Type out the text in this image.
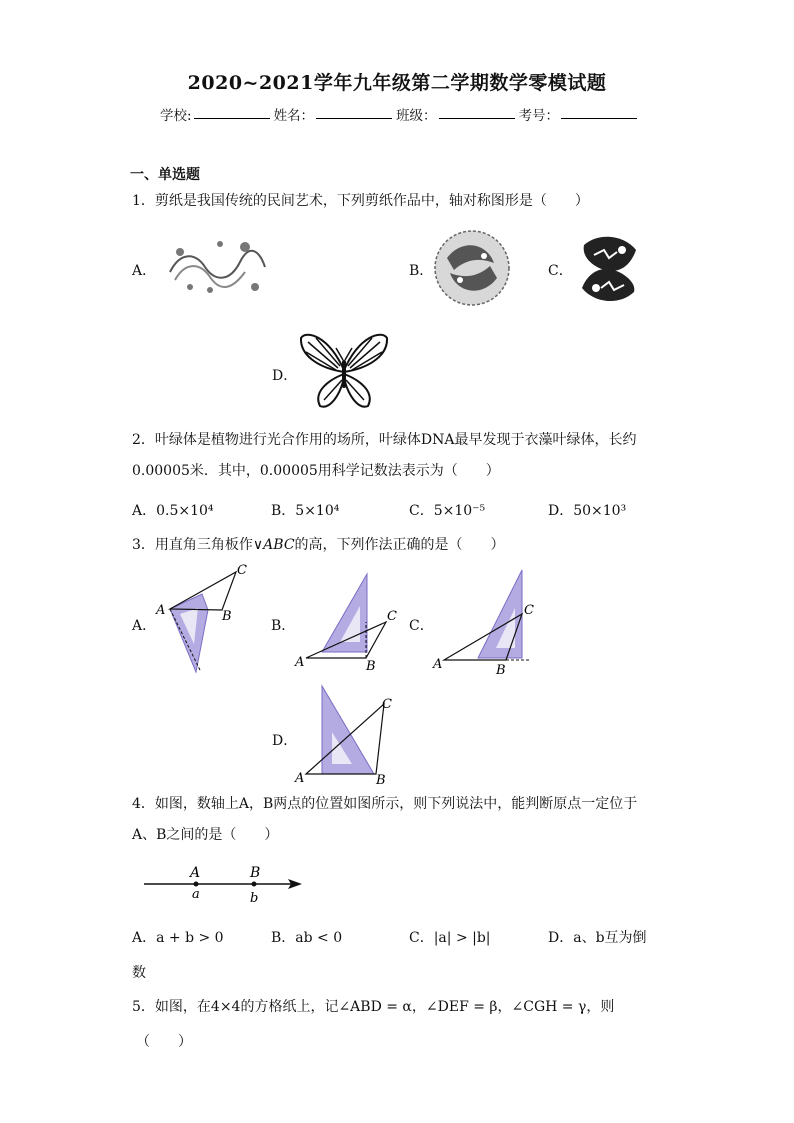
2020~2021学年九年级第二学期数学零模试题
学校:	姓名：	班级：	考号：
一、单选题
1．剪纸是我国传统的民间艺术，下列剪纸作品中，轴对称图形是（　　）
A．	B．	C．
D．
2．叶绿体是植物进行光合作用的场所，叶绿体DNA最早发现于衣藻叶绿体，长约
0.00005米．其中，0.00005用科学记数法表示为（　　）
A．0.5×10⁴	B．5×10⁴	C．5×10⁻⁵	D．50×10³
3．用直角三角板作∨ABC的高，下列作法正确的是（　　）
A．
A	B
C
B．
A	B
C
C．
A	B
C
D．
A	B
C
4．如图，数轴上A，B两点的位置如图所示，则下列说法中，能判断原点一定位于
A、B之间的是（　　）
A	B
a	b
A．a + b > 0	B．ab < 0	C．|a| > |b|	D．a、b互为倒
数
5．如图，在4×4的方格纸上，记∠ABD = α，∠DEF = β，∠CGH = γ，则
（　　）
